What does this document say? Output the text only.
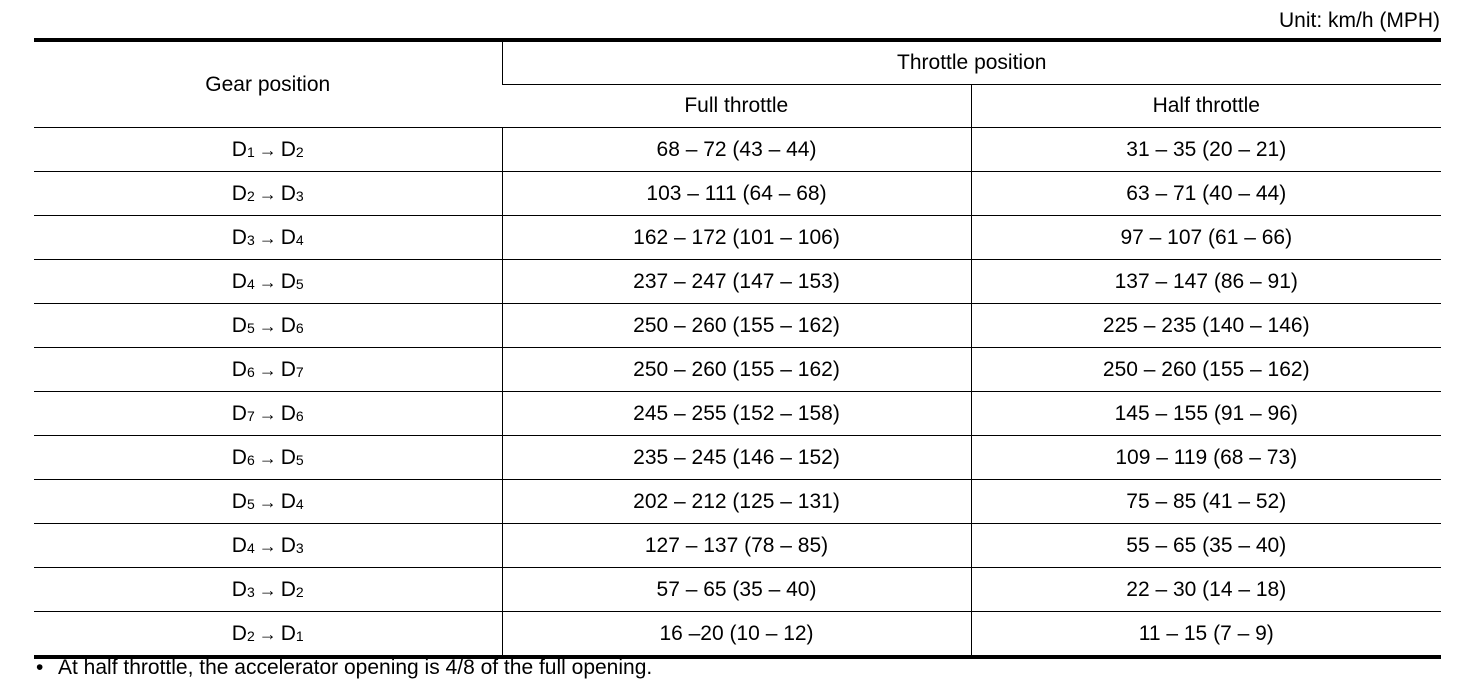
Unit: km/h (MPH)
Gear position	Throttle position	
	Full throttle	Half throttle
D1 → D2	68 – 72 (43 – 44)	31 – 35 (20 – 21)
D2 → D3	103 – 111 (64 – 68)	63 – 71 (40 – 44)
D3 → D4	162 – 172 (101 – 106)	97 – 107 (61 – 66)
D4 → D5	237 – 247 (147 – 153)	137 – 147 (86 – 91)
D5 → D6	250 – 260 (155 – 162)	225 – 235 (140 – 146)
D6 → D7	250 – 260 (155 – 162)	250 – 260 (155 – 162)
D7 → D6	245 – 255 (152 – 158)	145 – 155 (91 – 96)
D6 → D5	235 – 245 (146 – 152)	109 – 119 (68 – 73)
D5 → D4	202 – 212 (125 – 131)	75 – 85 (41 – 52)
D4 → D3	127 – 137 (78 – 85)	55 – 65 (35 – 40)
D3 → D2	57 – 65 (35 – 40)	22 – 30 (14 – 18)
D2 → D1	16 –20 (10 – 12)	11 – 15 (7 – 9)
• At half throttle, the accelerator opening is 4/8 of the full opening.
